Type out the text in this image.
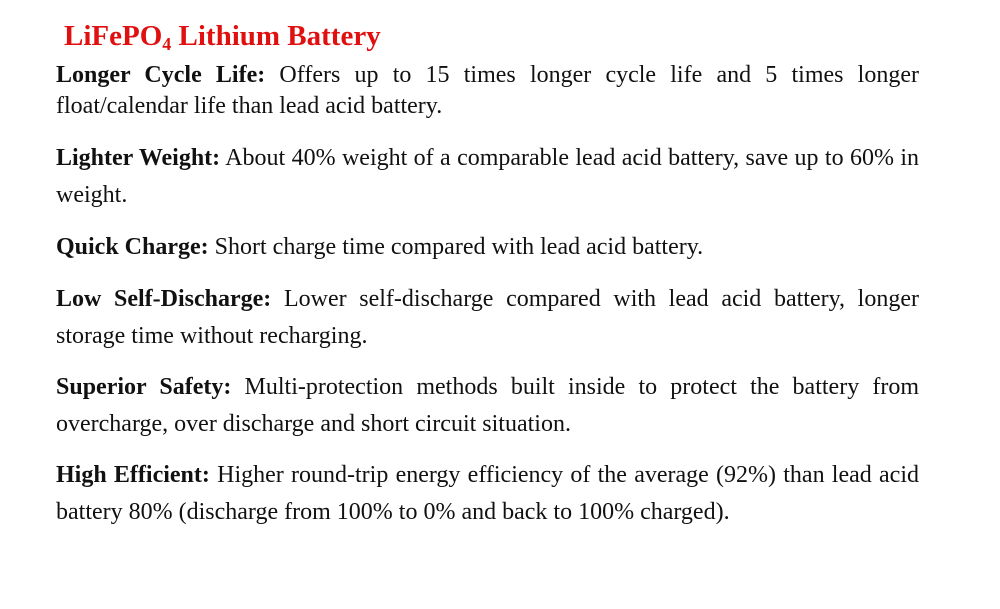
LiFePO$_4$ Lithium Battery

Longer Cycle Life: Offers up to 15 times longer cycle life and 5 times longer float/calendar life than lead acid battery.

Lighter Weight: About 40% weight of a comparable lead acid battery, save up to 60% in weight.

Quick Charge: Short charge time compared with lead acid battery.

Low Self-Discharge: Lower self-discharge compared with lead acid battery, longer storage time without recharging.

Superior Safety: Multi-protection methods built inside to protect the battery from overcharge, over discharge and short circuit situation.

High Efficient: Higher round-trip energy efficiency of the average (92%) than lead acid battery 80% (discharge from 100% to 0% and back to 100% charged).
